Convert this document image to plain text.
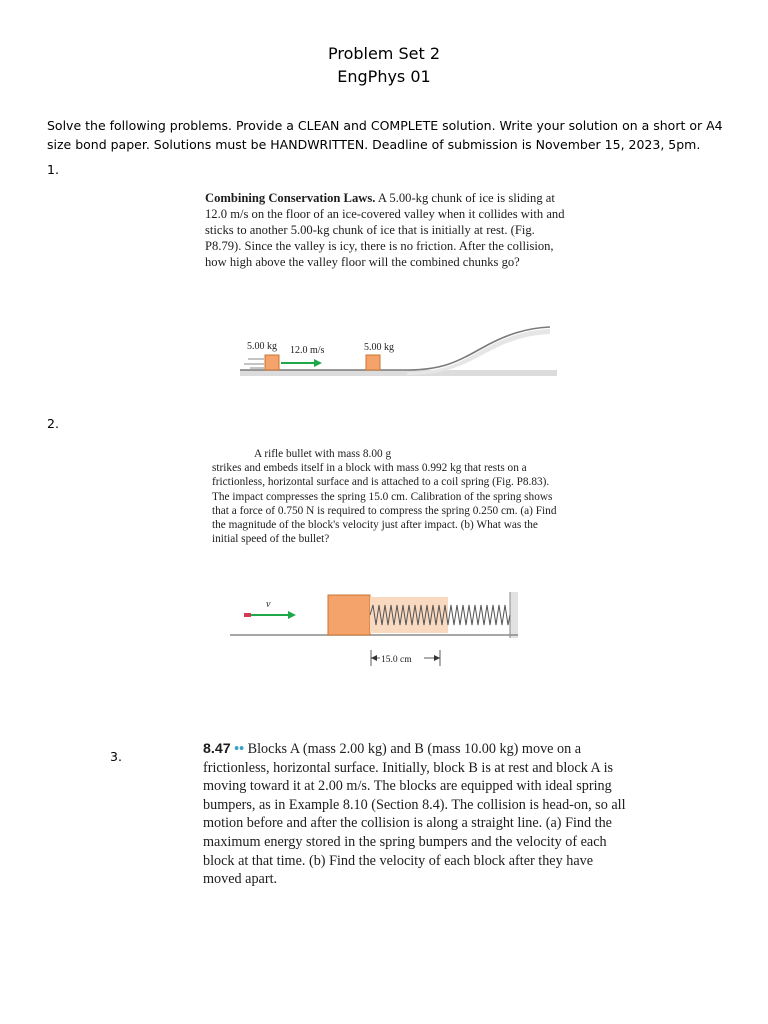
Problem Set 2
EngPhys 01
Solve the following problems. Provide a CLEAN and COMPLETE solution. Write your solution on a short or A4 size bond paper. Solutions must be HANDWRITTEN. Deadline of submission is November 15, 2023, 5pm.
1.
Combining Conservation Laws. A 5.00-kg chunk of ice is sliding at 12.0 m/s on the floor of an ice-covered valley when it collides with and sticks to another 5.00-kg chunk of ice that is initially at rest. (Fig. P8.79). Since the valley is icy, there is no friction. After the collision, how high above the valley floor will the combined chunks go?
5.00 kg 12.0 m/s	5.00 kg
2.
A rifle bullet with mass 8.00 g
strikes and embeds itself in a block with mass 0.992 kg that rests on a frictionless, horizontal surface and is attached to a coil spring (Fig. P8.83). The impact compresses the spring 15.0 cm. Calibration of the spring shows that a force of 0.750 N is required to compress the spring 0.250 cm. (a) Find the magnitude of the block's velocity just after impact. (b) What was the initial speed of the bullet?
v
15.0 cm
3.	8.47 •• Blocks A (mass 2.00 kg) and B (mass 10.00 kg) move on a frictionless, horizontal surface. Initially, block B is at rest and block A is moving toward it at 2.00 m/s. The blocks are equipped with ideal spring bumpers, as in Example 8.10 (Section 8.4). The collision is head-on, so all motion before and after the collision is along a straight line. (a) Find the maximum energy stored in the spring bumpers and the velocity of each block at that time. (b) Find the velocity of each block after they have moved apart.
